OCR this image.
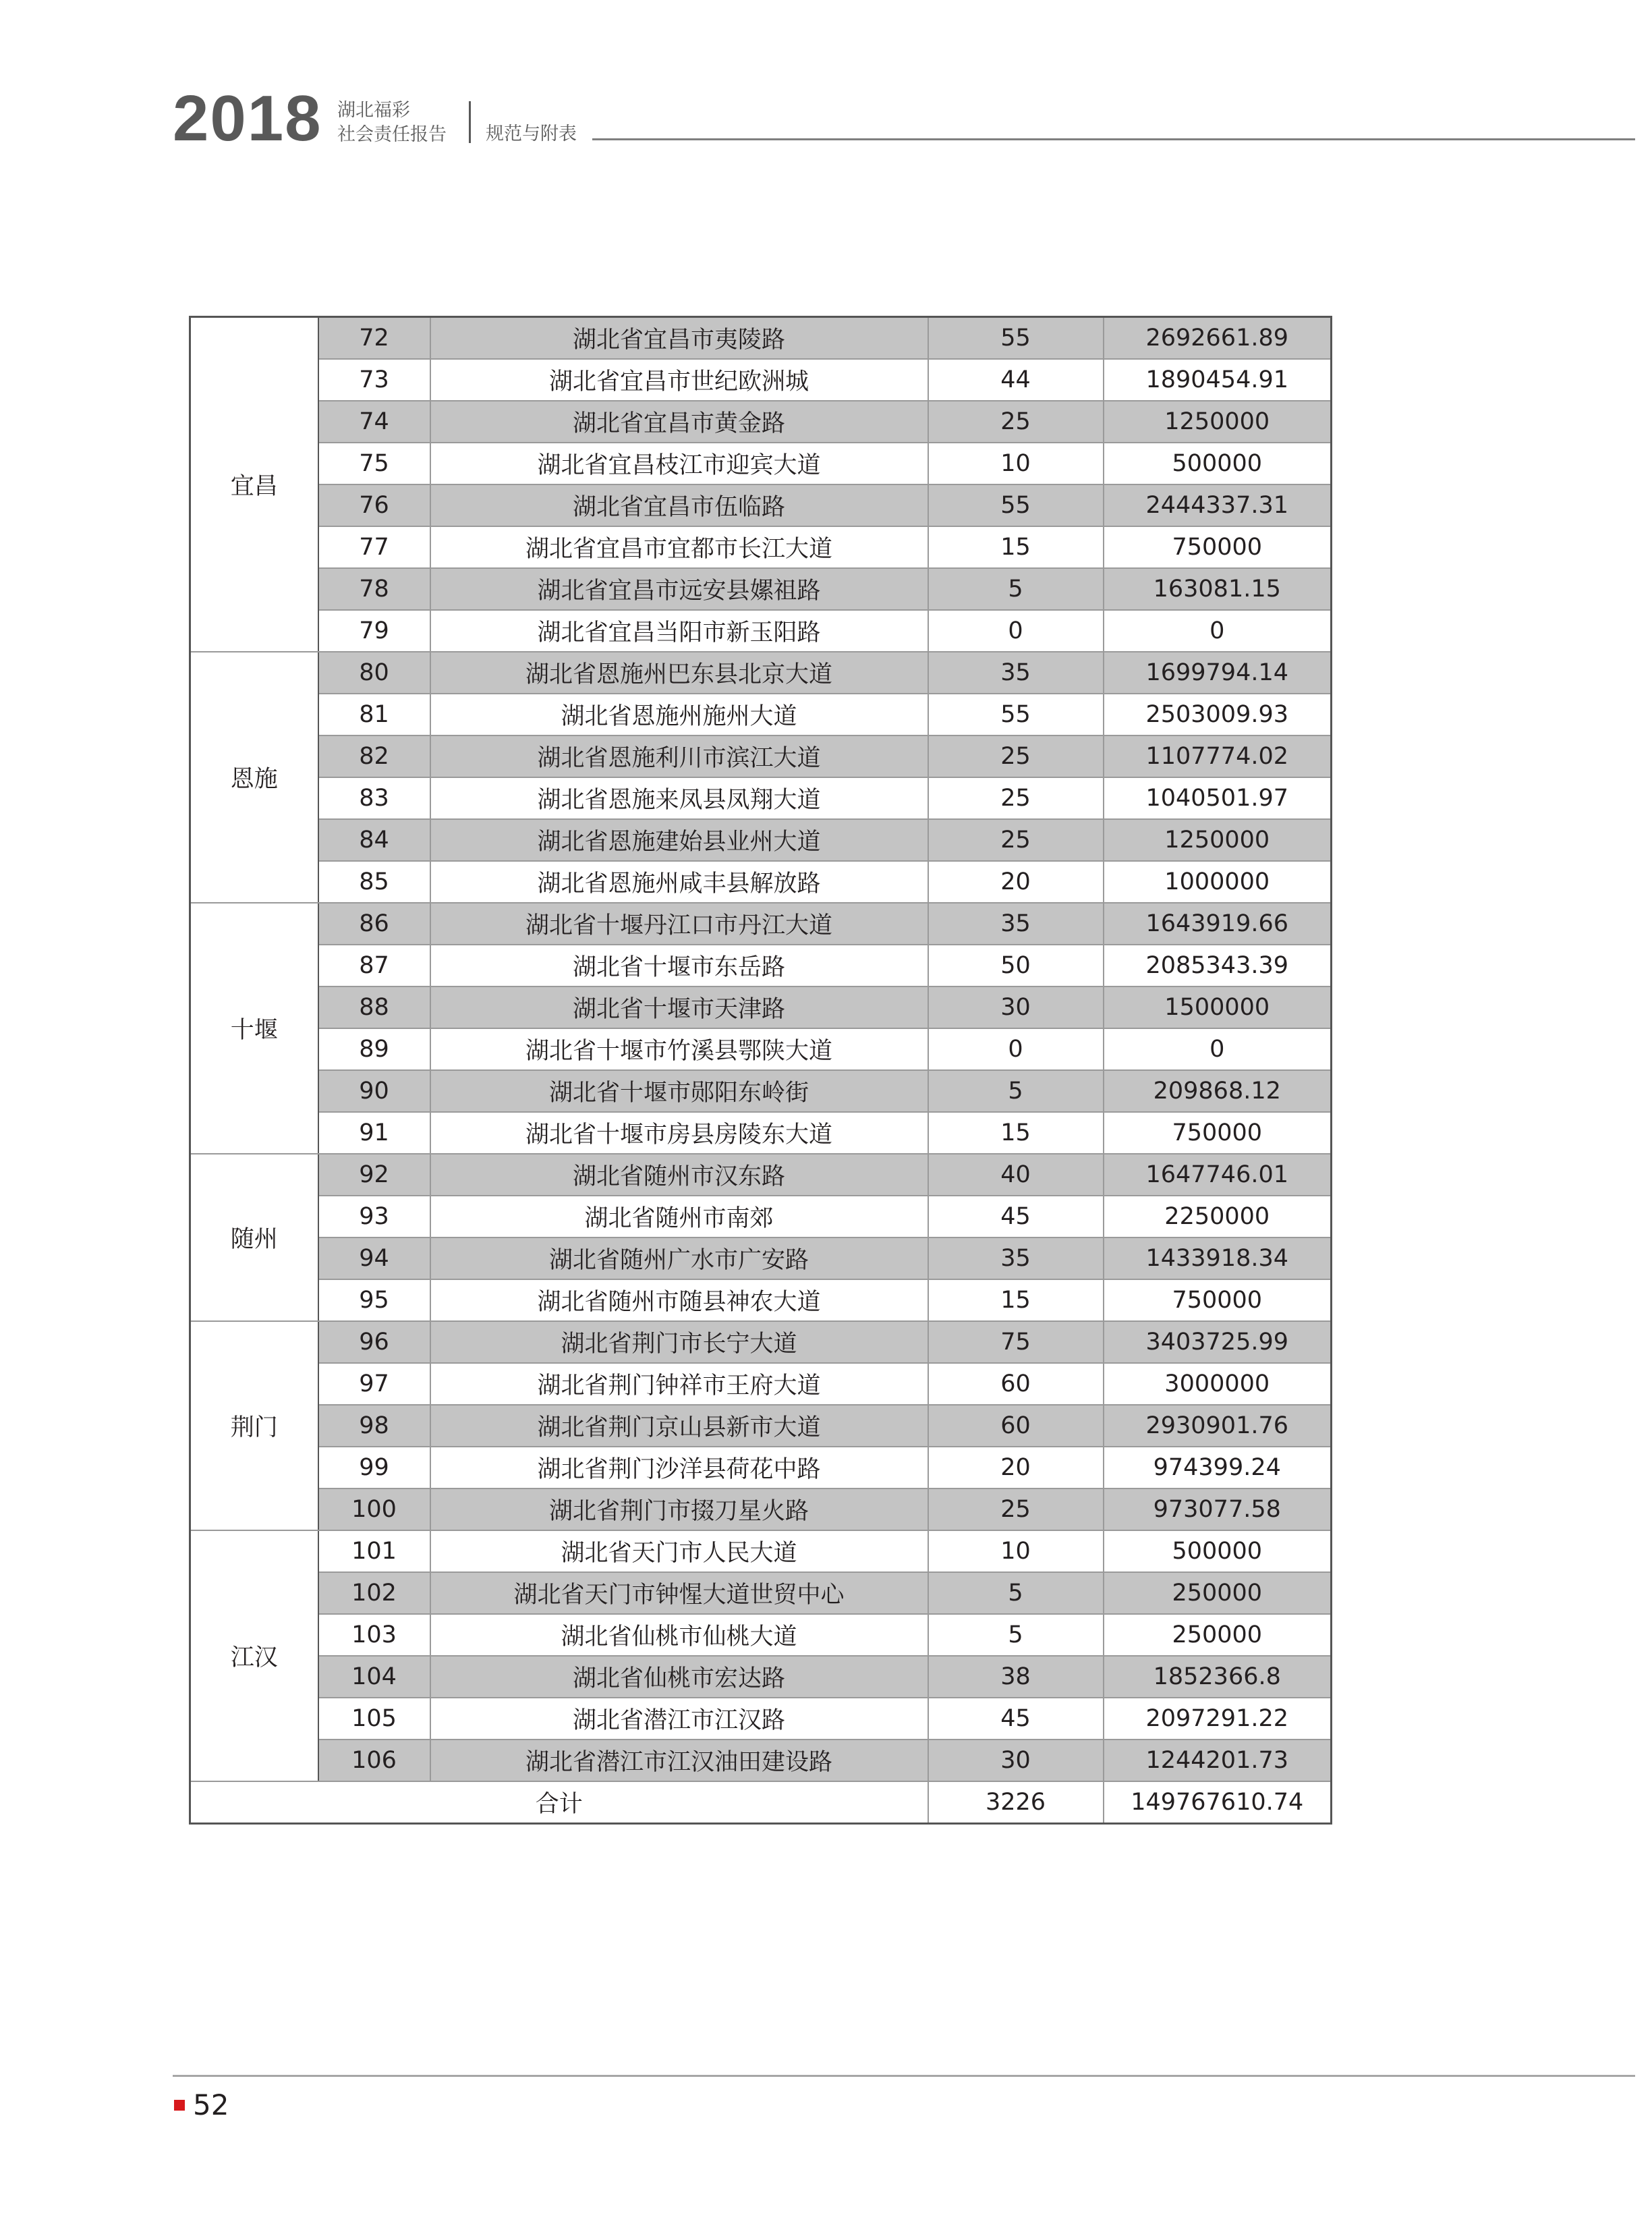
2018 湖北福彩
社会责任报告 规范与附表
宜昌	72	湖北省宜昌市夷陵路	55	2692661.89
	73	湖北省宜昌市世纪欧洲城	44	1890454.91
	74	湖北省宜昌市黄金路	25	1250000
	75	湖北省宜昌枝江市迎宾大道	10	500000
	76	湖北省宜昌市伍临路	55	2444337.31
	77	湖北省宜昌市宜都市长江大道	15	750000
	78	湖北省宜昌市远安县嫘祖路	5	163081.15
	79	湖北省宜昌当阳市新玉阳路	0	0
恩施	80	湖北省恩施州巴东县北京大道	35	1699794.14
	81	湖北省恩施州施州大道	55	2503009.93
	82	湖北省恩施利川市滨江大道	25	1107774.02
	83	湖北省恩施来凤县凤翔大道	25	1040501.97
	84	湖北省恩施建始县业州大道	25	1250000
	85	湖北省恩施州咸丰县解放路	20	1000000
十堰	86	湖北省十堰丹江口市丹江大道	35	1643919.66
	87	湖北省十堰市东岳路	50	2085343.39
	88	湖北省十堰市天津路	30	1500000
	89	湖北省十堰市竹溪县鄂陕大道	0	0
	90	湖北省十堰市郧阳东岭街	5	209868.12
	91	湖北省十堰市房县房陵东大道	15	750000
随州	92	湖北省随州市汉东路	40	1647746.01
	93	湖北省随州市南郊	45	2250000
	94	湖北省随州广水市广安路	35	1433918.34
	95	湖北省随州市随县神农大道	15	750000
荆门	96	湖北省荆门市长宁大道	75	3403725.99
	97	湖北省荆门钟祥市王府大道	60	3000000
	98	湖北省荆门京山县新市大道	60	2930901.76
	99	湖北省荆门沙洋县荷花中路	20	974399.24
	100	湖北省荆门市掇刀星火路	25	973077.58
江汉	101	湖北省天门市人民大道	10	500000
	102	湖北省天门市钟惺大道世贸中心	5	250000
	103	湖北省仙桃市仙桃大道	5	250000
	104	湖北省仙桃市宏达路	38	1852366.8
	105	湖北省潜江市江汉路	45	2097291.22
	106	湖北省潜江市江汉油田建设路	30	1244201.73
合计			3226	149767610.74
52
